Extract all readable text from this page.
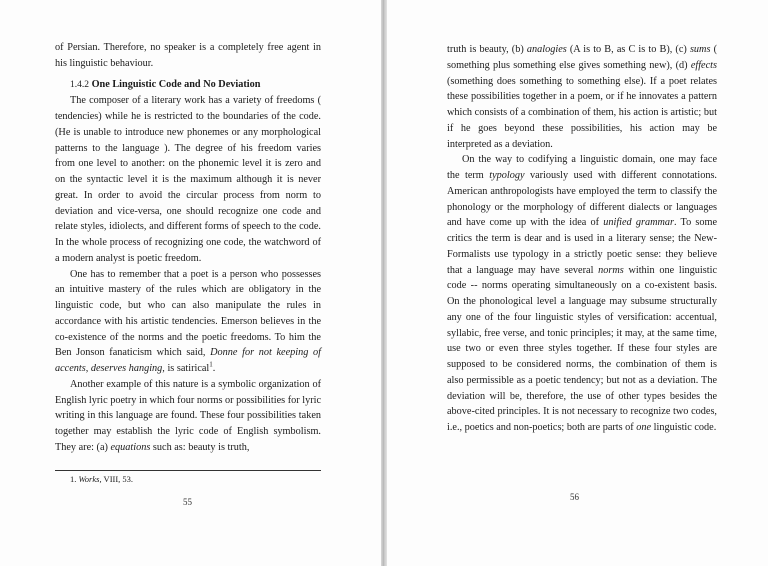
of Persian. Therefore, no speaker is a completely free agent in his linguistic behaviour.

1.4.2 One Linguistic Code and No Deviation

The composer of a literary work has a variety of freedoms ( tendencies) while he is restricted to the boundaries of the code. (He is unable to introduce new phonemes or any morphological patterns to the language ). The degree of his freedom varies from one level to another: on the phonemic level it is zero and on the syntactic level it is the maximum although it is never great. In order to avoid the circular process from norm to deviation and vice-versa, one should recognize one code and relate styles, idiolects, and different forms of speech to the code. In the whole process of recognizing one code, the watchword of a modern analyst is poetic freedom.

One has to remember that a poet is a person who possesses an intuitive mastery of the rules which are obligatory in the linguistic code, but who can also manipulate the rules in accordance with his artistic tendencies. Emerson believes in the co-existence of the norms and the poetic freedoms. To him the Ben Jonson fanaticism which said, Donne for not keeping of accents, deserves hanging, is satirical$^1$.

Another example of this nature is a symbolic organization of English lyric poetry in which four norms or possibilities for lyric writing in this language are found. These four possibilities taken together may establish the lyric code of English symbolism. They are: (a) equations such as: beauty is truth,

1. Works, VIII, 53.
55

truth is beauty, (b) analogies (A is to B, as C is to B), (c) sums ( something plus something else gives something new), (d) effects (something does something to something else). If a poet relates these possibilities together in a poem, or if he innovates a pattern which consists of a combination of them, his action is artistic; but if he goes beyond these possibilities, his action may be interpreted as a deviation.

On the way to codifying a linguistic domain, one may face the term typology variously used with different connotations. American anthropologists have employed the term to classify the phonology or the morphology of different dialects or languages and have come up with the idea of unified grammar. To some critics the term is dear and is used in a literary sense; the New-Formalists use typology in a strictly poetic sense: they believe that a language may have several norms within one linguistic code -- norms operating simultaneously on a co-existent basis. On the phonological level a language may subsume structurally any one of the four linguistic styles of versification: accentual, syllabic, free verse, and tonic principles; it may, at the same time, use two or even three styles together. If these four styles are supposed to be considered norms, the combination of them is also permissible as a poetic tendency; but not as a deviation. The deviation will be, therefore, the use of other types besides the above-cited principles. It is not necessary to recognize two codes, i.e., poetics and non-poetics; both are parts of one linguistic code.

56
